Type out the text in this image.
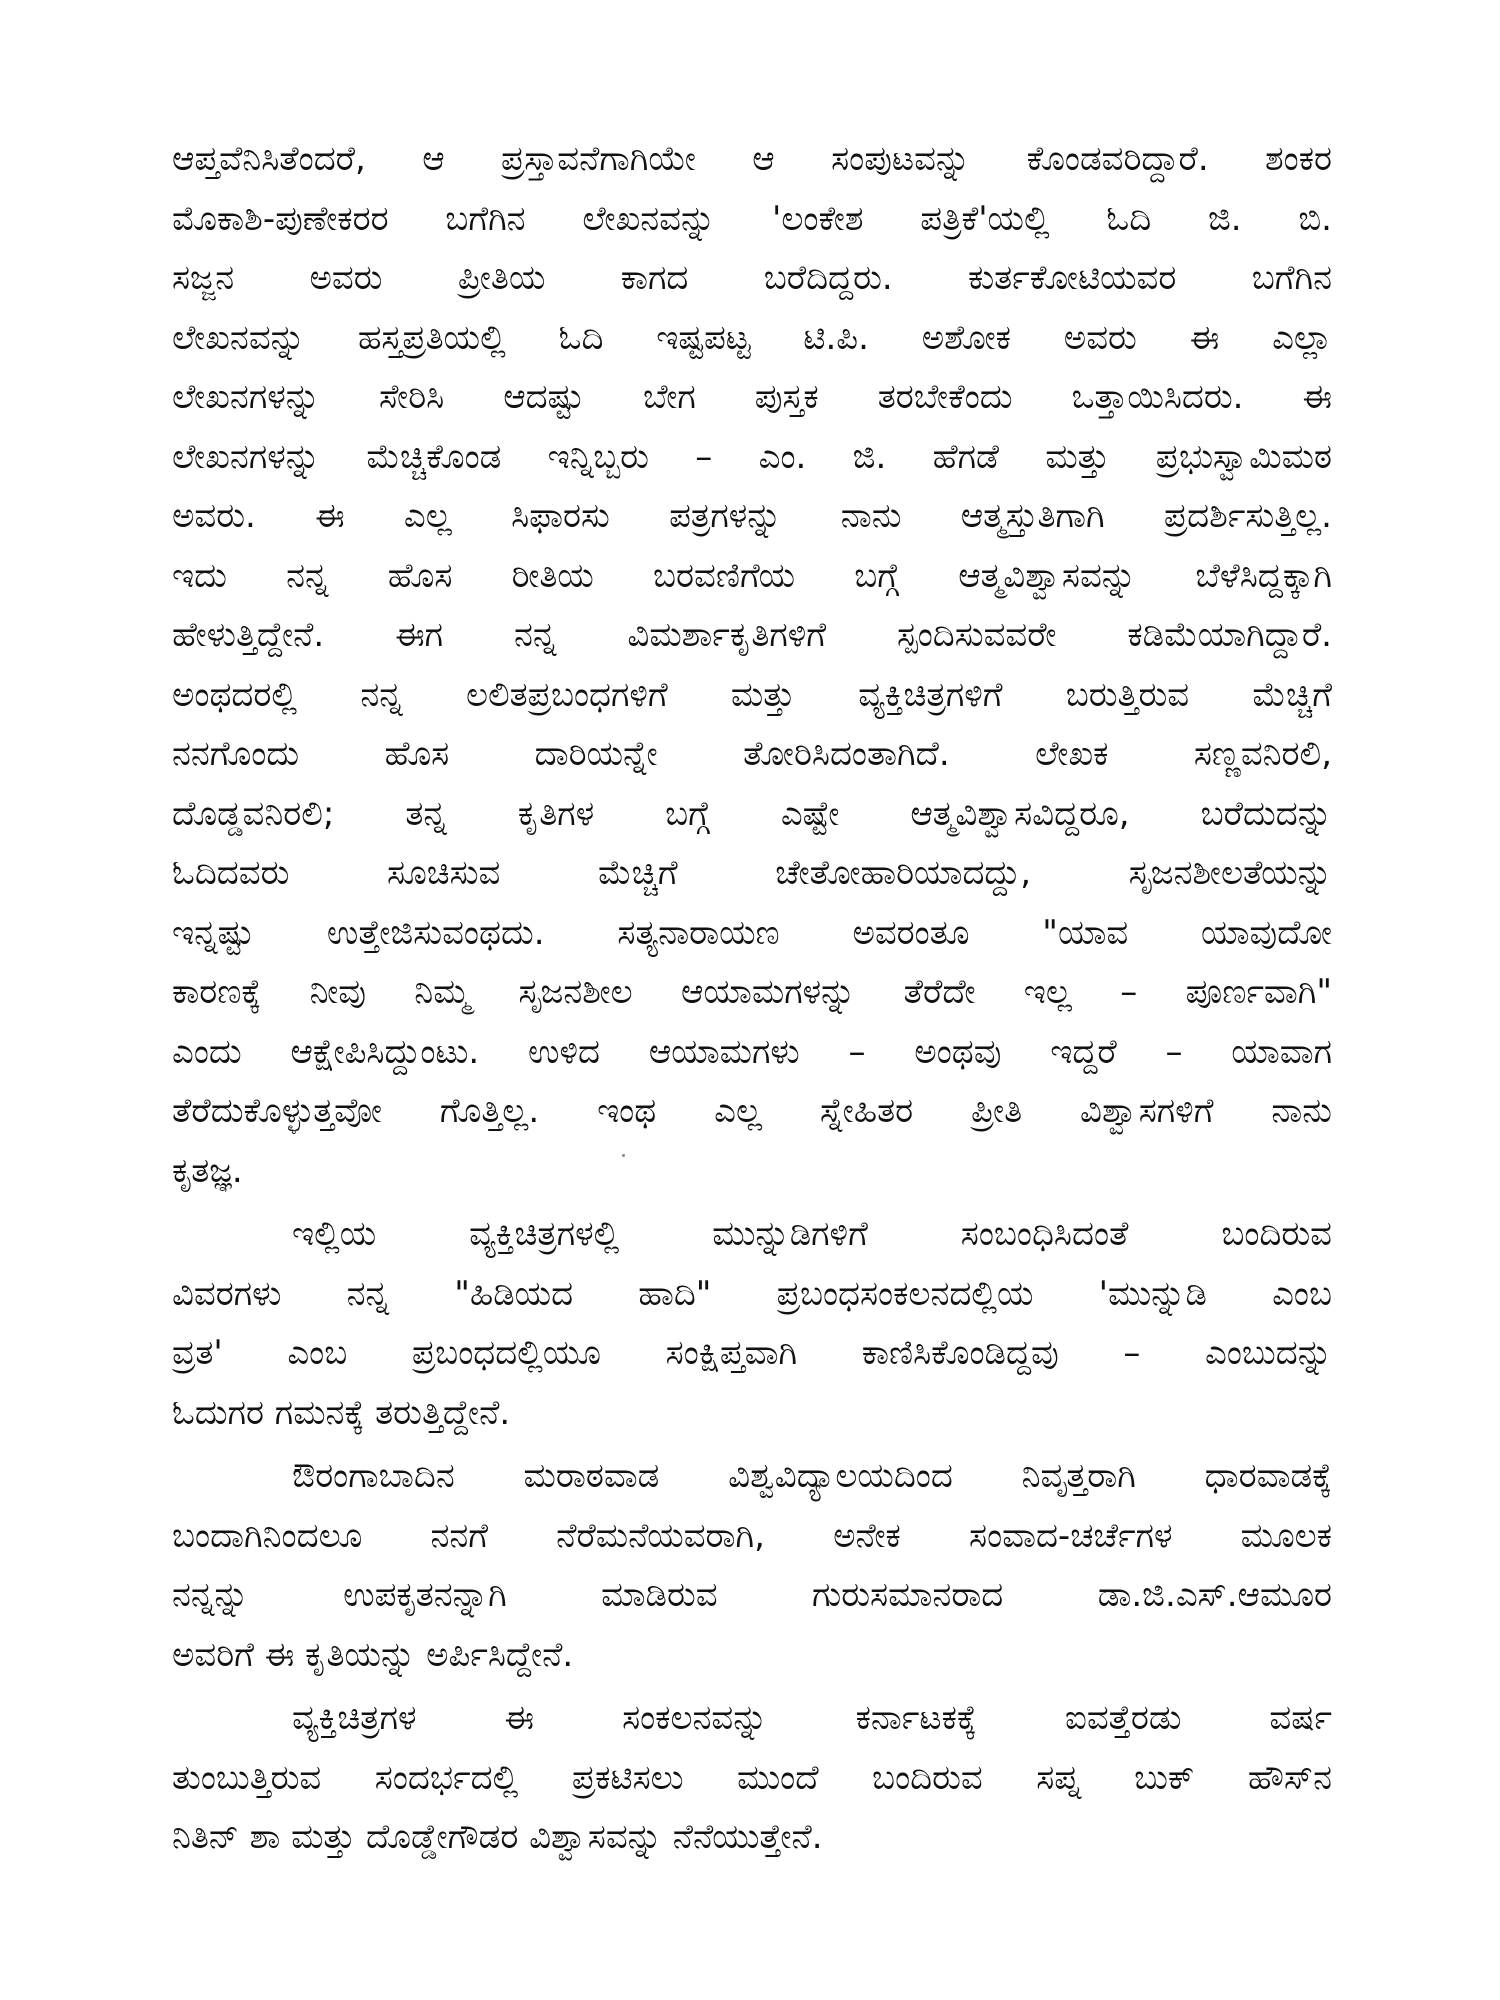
ಆಪ್ತವೆನಿಸಿತೆಂದರೆ, ಆ ಪ್ರಸ್ತಾವನೆಗಾಗಿಯೇ ಆ ಸಂಪುಟವನ್ನು ಕೊಂಡವರಿದ್ದಾರೆ. ಶಂಕರ
ಮೊಕಾಶಿ-ಪುಣೇಕರರ ಬಗೆಗಿನ ಲೇಖನವನ್ನು 'ಲಂಕೇಶ ಪತ್ರಿಕೆ'ಯಲ್ಲಿ ಓದಿ ಜಿ. ಬಿ.
ಸಜ್ಜನ ಅವರು ಪ್ರೀತಿಯ ಕಾಗದ ಬರೆದಿದ್ದರು. ಕುರ್ತಕೋಟಿಯವರ ಬಗೆಗಿನ
ಲೇಖನವನ್ನು ಹಸ್ತಪ್ರತಿಯಲ್ಲಿ ಓದಿ ಇಷ್ಟಪಟ್ಟ ಟಿ.ಪಿ. ಅಶೋಕ ಅವರು ಈ ಎಲ್ಲಾ
ಲೇಖನಗಳನ್ನು ಸೇರಿಸಿ ಆದಷ್ಟು ಬೇಗ ಪುಸ್ತಕ ತರಬೇಕೆಂದು ಒತ್ತಾಯಿಸಿದರು. ಈ
ಲೇಖನಗಳನ್ನು ಮೆಚ್ಚಿಕೊಂಡ ಇನ್ನಿಬ್ಬರು – ಎಂ. ಜಿ. ಹೆಗಡೆ ಮತ್ತು ಪ್ರಭುಸ್ವಾಮಿಮಠ
ಅವರು. ಈ ಎಲ್ಲ ಸಿಫಾರಸು ಪತ್ರಗಳನ್ನು ನಾನು ಆತ್ಮಸ್ತುತಿಗಾಗಿ ಪ್ರದರ್ಶಿಸುತ್ತಿಲ್ಲ.
ಇದು ನನ್ನ ಹೊಸ ರೀತಿಯ ಬರವಣಿಗೆಯ ಬಗ್ಗೆ ಆತ್ಮವಿಶ್ವಾಸವನ್ನು ಬೆಳೆಸಿದ್ದಕ್ಕಾಗಿ
ಹೇಳುತ್ತಿದ್ದೇನೆ. ಈಗ ನನ್ನ ವಿಮರ್ಶಾಕೃತಿಗಳಿಗೆ ಸ್ಪಂದಿಸುವವರೇ ಕಡಿಮೆಯಾಗಿದ್ದಾರೆ.
ಅಂಥದರಲ್ಲಿ ನನ್ನ ಲಲಿತಪ್ರಬಂಧಗಳಿಗೆ ಮತ್ತು ವ್ಯಕ್ತಿಚಿತ್ರಗಳಿಗೆ ಬರುತ್ತಿರುವ ಮೆಚ್ಚಿಗೆ
ನನಗೊಂದು ಹೊಸ ದಾರಿಯನ್ನೇ ತೋರಿಸಿದಂತಾಗಿದೆ. ಲೇಖಕ ಸಣ್ಣವನಿರಲಿ,
ದೊಡ್ಡವನಿರಲಿ; ತನ್ನ ಕೃತಿಗಳ ಬಗ್ಗೆ ಎಷ್ಟೇ ಆತ್ಮವಿಶ್ವಾಸವಿದ್ದರೂ, ಬರೆದುದನ್ನು
ಓದಿದವರು ಸೂಚಿಸುವ ಮೆಚ್ಚಿಗೆ ಚೇತೋಹಾರಿಯಾದದ್ದು, ಸೃಜನಶೀಲತೆಯನ್ನು
ಇನ್ನಷ್ಟು ಉತ್ತೇಜಿಸುವಂಥದು. ಸತ್ಯನಾರಾಯಣ ಅವರಂತೂ "ಯಾವ ಯಾವುದೋ
ಕಾರಣಕ್ಕೆ ನೀವು ನಿಮ್ಮ ಸೃಜನಶೀಲ ಆಯಾಮಗಳನ್ನು ತೆರೆದೇ ಇಲ್ಲ – ಪೂರ್ಣವಾಗಿ"
ಎಂದು ಆಕ್ಷೇಪಿಸಿದ್ದುಂಟು. ಉಳಿದ ಆಯಾಮಗಳು – ಅಂಥವು ಇದ್ದರೆ – ಯಾವಾಗ
ತೆರೆದುಕೊಳ್ಳುತ್ತವೋ ಗೊತ್ತಿಲ್ಲ. ಇಂಥ ಎಲ್ಲ ಸ್ನೇಹಿತರ ಪ್ರೀತಿ ವಿಶ್ವಾಸಗಳಿಗೆ ನಾನು
ಕೃತಜ್ಞ.
ಇಲ್ಲಿಯ ವ್ಯಕ್ತಿಚಿತ್ರಗಳಲ್ಲಿ ಮುನ್ನುಡಿಗಳಿಗೆ ಸಂಬಂಧಿಸಿದಂತೆ ಬಂದಿರುವ
ವಿವರಗಳು ನನ್ನ "ಹಿಡಿಯದ ಹಾದಿ" ಪ್ರಬಂಧಸಂಕಲನದಲ್ಲಿಯ 'ಮುನ್ನುಡಿ ಎಂಬ
ವ್ರತ' ಎಂಬ ಪ್ರಬಂಧದಲ್ಲಿಯೂ ಸಂಕ್ಷಿಪ್ತವಾಗಿ ಕಾಣಿಸಿಕೊಂಡಿದ್ದವು – ಎಂಬುದನ್ನು
ಓದುಗರ ಗಮನಕ್ಕೆ ತರುತ್ತಿದ್ದೇನೆ.
ಔರಂಗಾಬಾದಿನ ಮರಾಠವಾಡ ವಿಶ್ವವಿದ್ಯಾಲಯದಿಂದ ನಿವೃತ್ತರಾಗಿ ಧಾರವಾಡಕ್ಕೆ
ಬಂದಾಗಿನಿಂದಲೂ ನನಗೆ ನೆರೆಮನೆಯವರಾಗಿ, ಅನೇಕ ಸಂವಾದ-ಚರ್ಚೆಗಳ ಮೂಲಕ
ನನ್ನನ್ನು ಉಪಕೃತನನ್ನಾಗಿ ಮಾಡಿರುವ ಗುರುಸಮಾನರಾದ ಡಾ.ಜಿ.ಎಸ್.ಆಮೂರ
ಅವರಿಗೆ ಈ ಕೃತಿಯನ್ನು ಅರ್ಪಿಸಿದ್ದೇನೆ.
ವ್ಯಕ್ತಿಚಿತ್ರಗಳ ಈ ಸಂಕಲನವನ್ನು ಕರ್ನಾಟಕಕ್ಕೆ ಐವತ್ತೆರಡು ವರ್ಷ
ತುಂಬುತ್ತಿರುವ ಸಂದರ್ಭದಲ್ಲಿ ಪ್ರಕಟಿಸಲು ಮುಂದೆ ಬಂದಿರುವ ಸಪ್ನ ಬುಕ್ ಹೌಸ್‌ನ
ನಿತಿನ್ ಶಾ ಮತ್ತು ದೊಡ್ಡೇಗೌಡರ ವಿಶ್ವಾಸವನ್ನು ನೆನೆಯುತ್ತೇನೆ.
